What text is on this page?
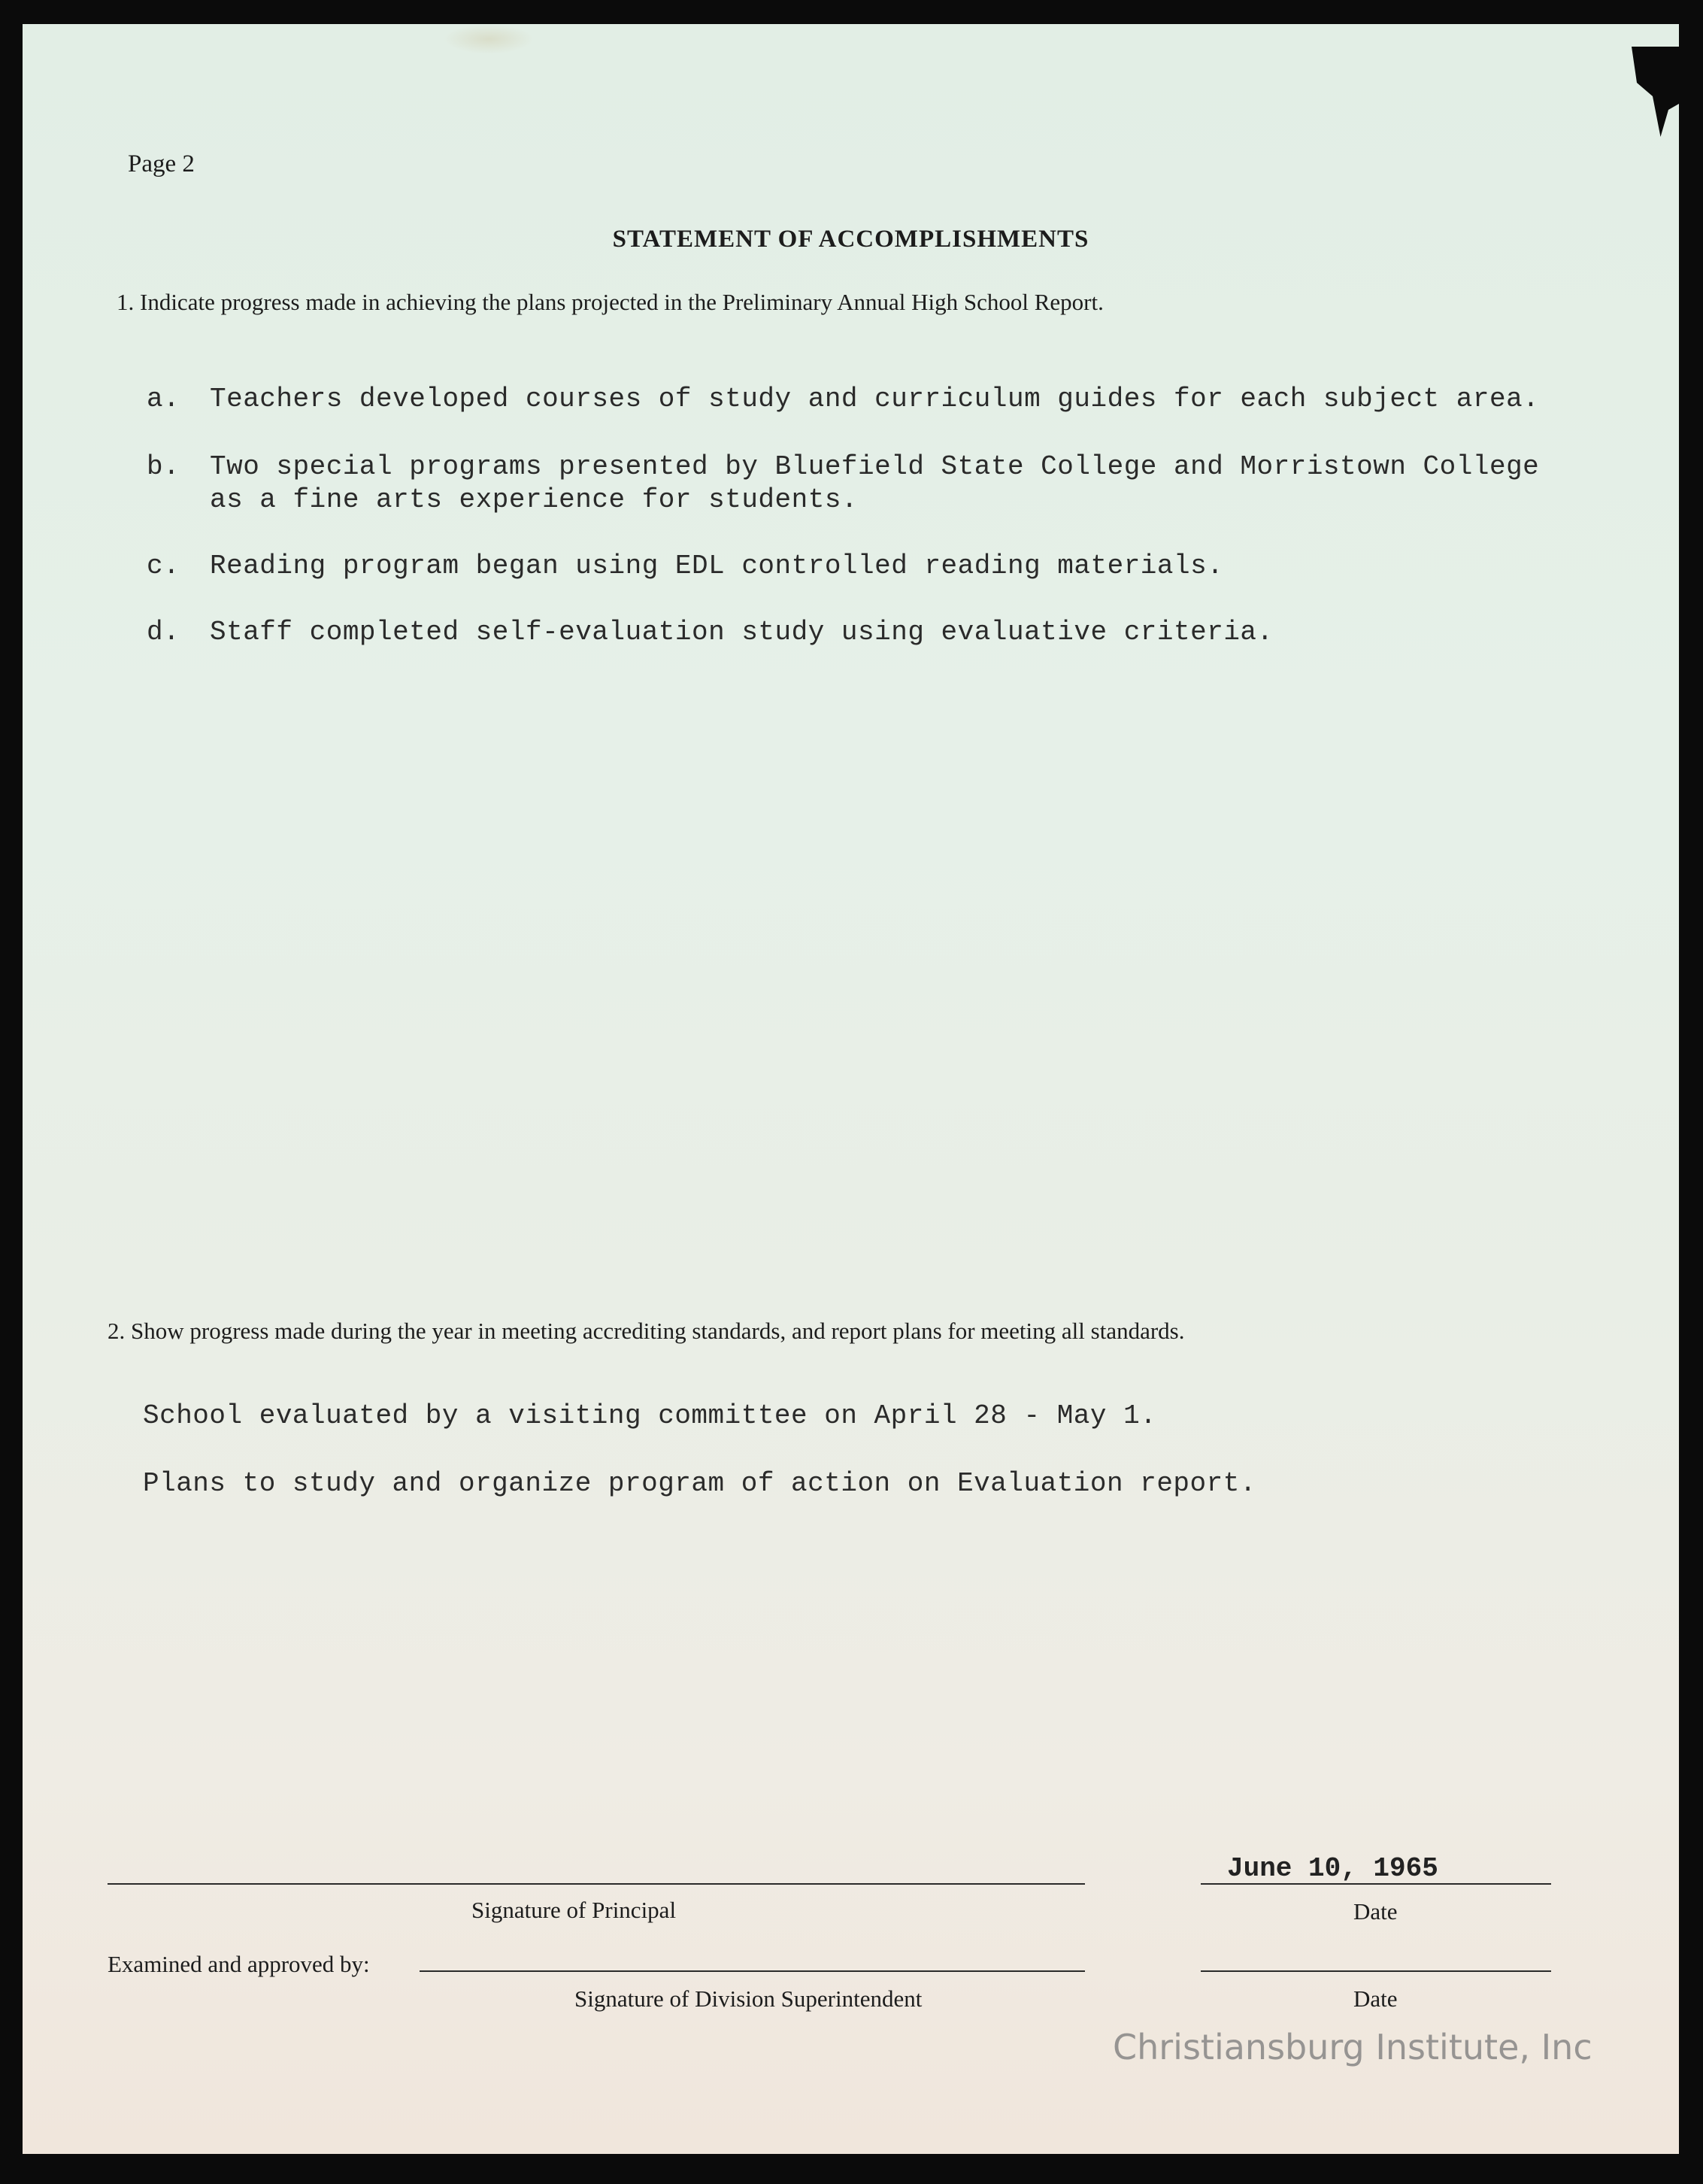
Page 2
STATEMENT OF ACCOMPLISHMENTS
1. Indicate progress made in achieving the plans projected in the Preliminary Annual High School Report.
a. Teachers developed courses of study and curriculum guides for each subject area.
b. Two special programs presented by Bluefield State College and Morristown College
as a fine arts experience for students.
c. Reading program began using EDL controlled reading materials.
d. Staff completed self-evaluation study using evaluative criteria.
2. Show progress made during the year in meeting accrediting standards, and report plans for meeting all standards.
School evaluated by a visiting committee on April 28 - May 1.
Plans to study and organize program of action on Evaluation report.
Signature of Principal
June 10, 1965
Date
Examined and approved by:
Signature of Division Superintendent	Date
Christiansburg Institute, Inc
